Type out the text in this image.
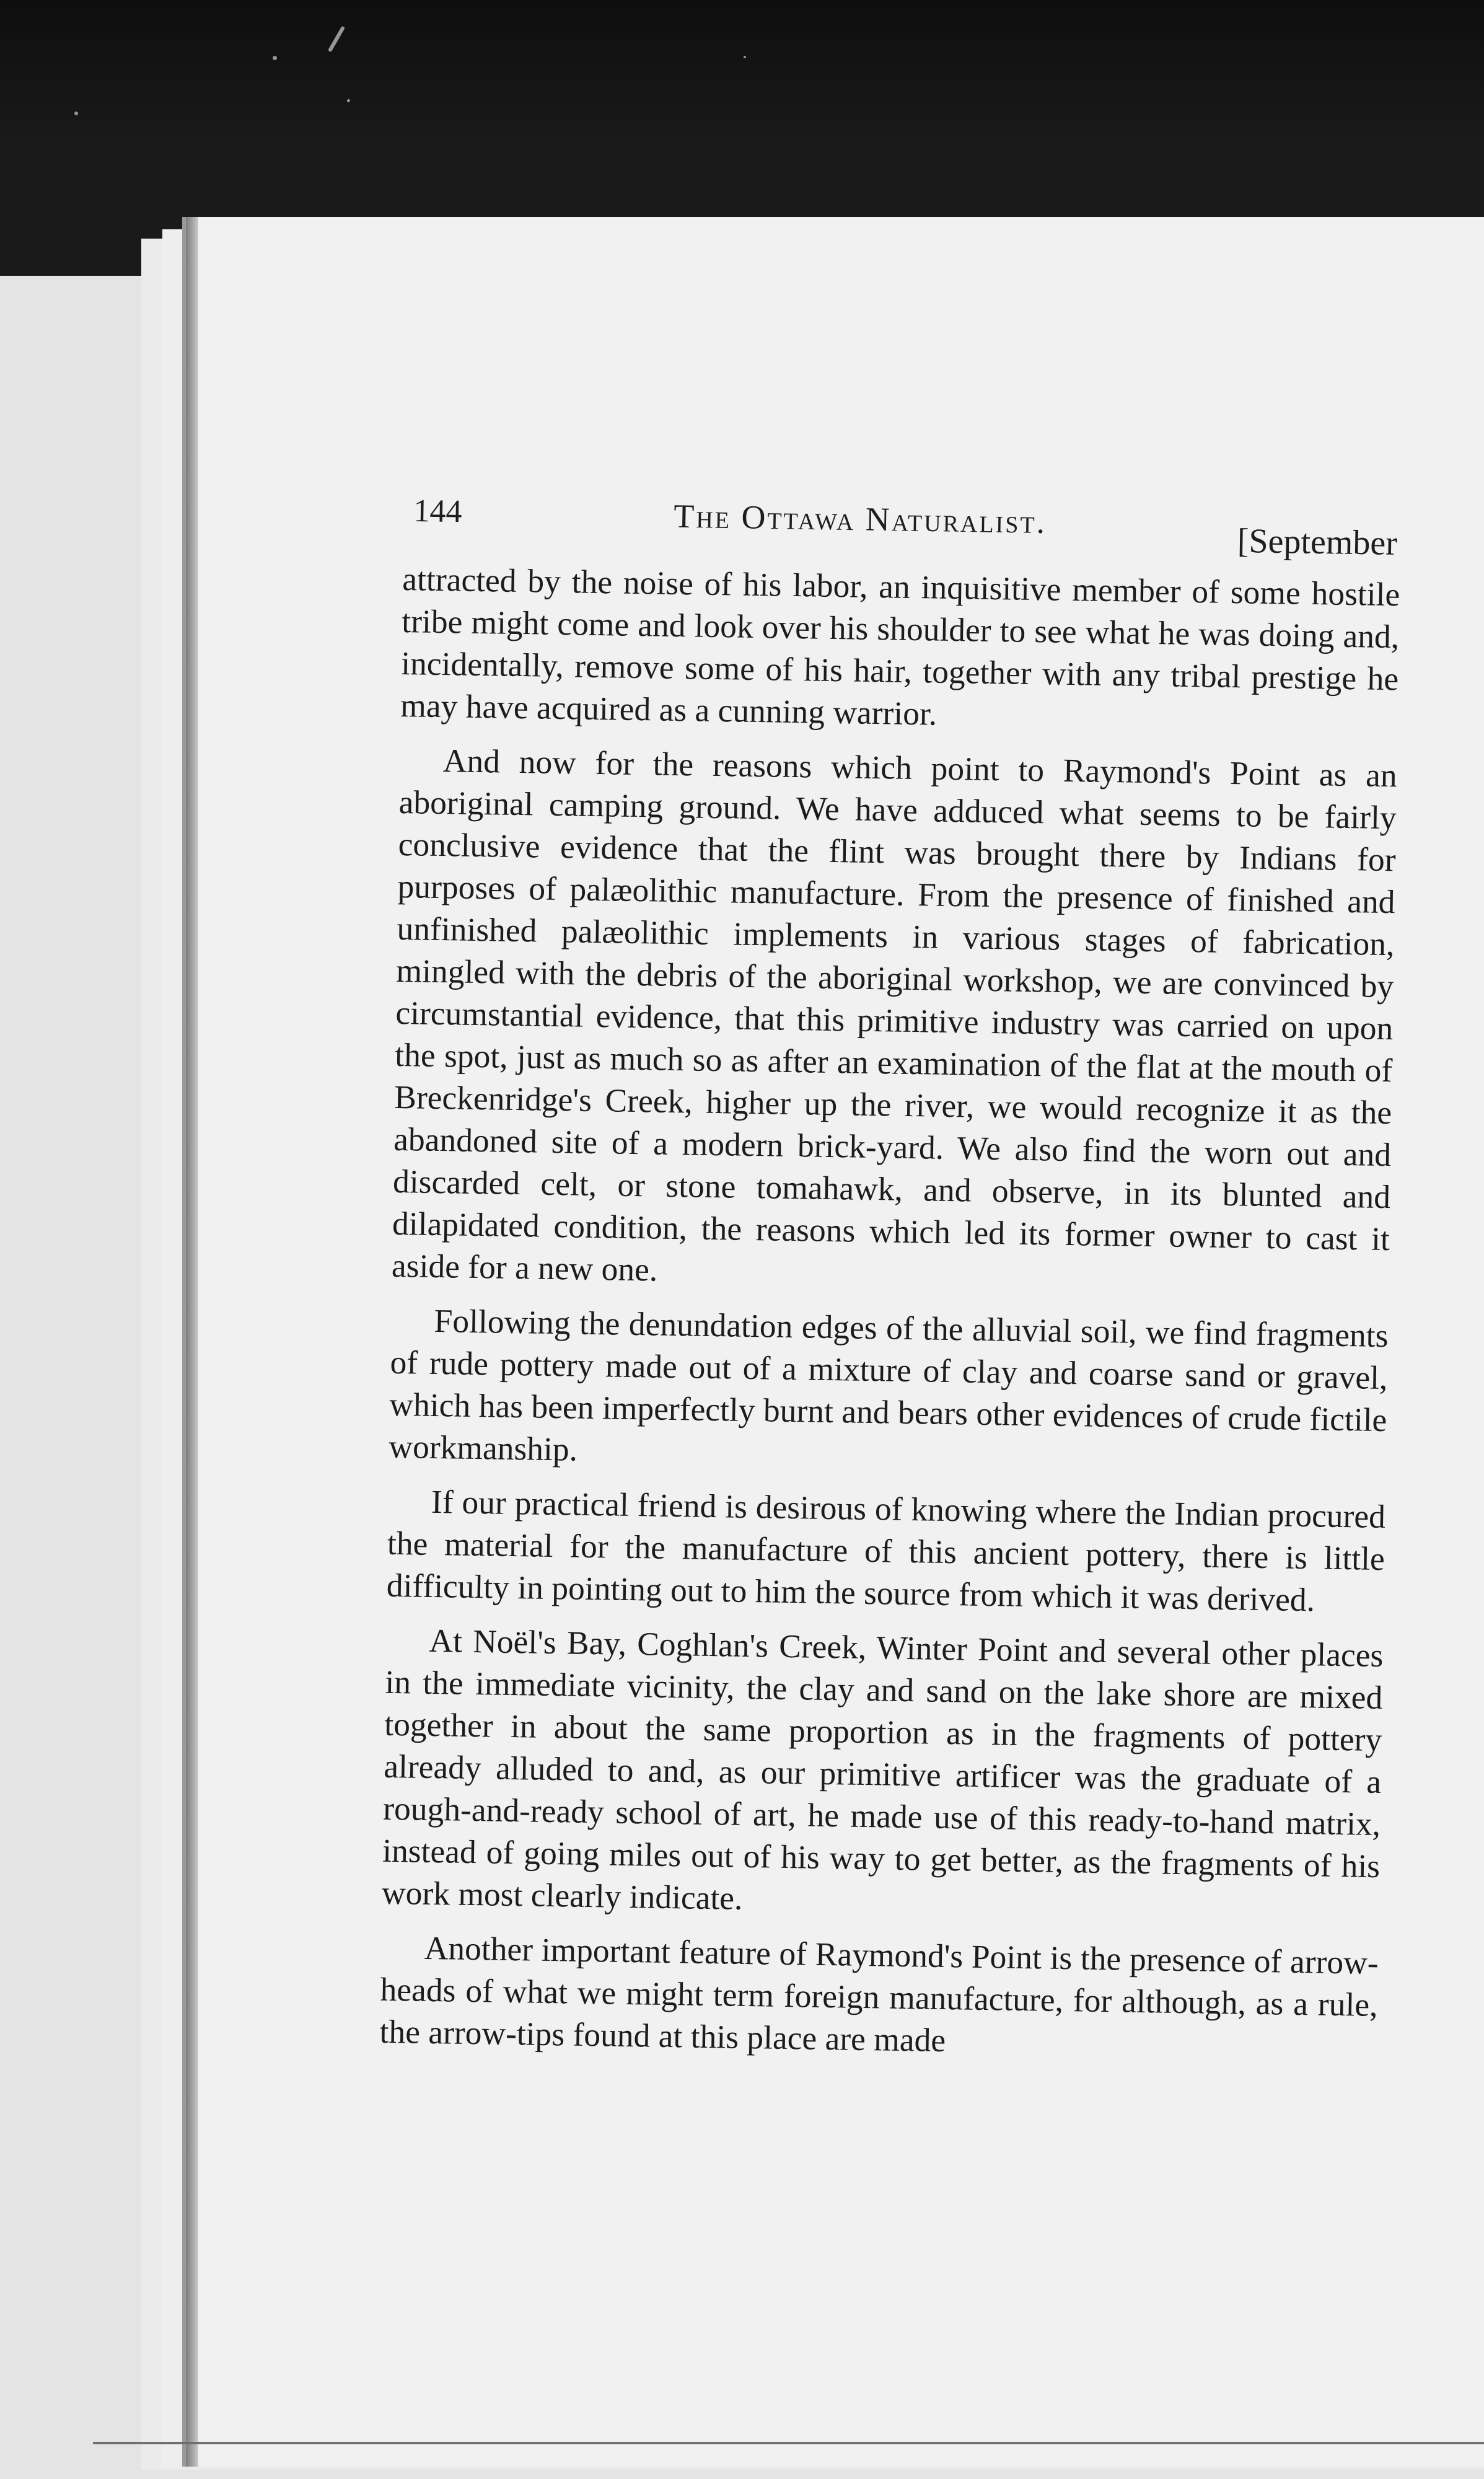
144	The Ottawa Naturalist.
[September

attracted by the noise of his labor, an inquisitive member of some hostile tribe might come and look over his shoulder to see what he was doing and, incidentally, remove some of his hair, together with any tribal prestige he may have acquired as a cunning warrior.

And now for the reasons which point to Raymond's Point as an aboriginal camping ground. We have adduced what seems to be fairly conclusive evidence that the flint was brought there by Indians for purposes of palæolithic manufacture. From the presence of finished and unfinished palæolithic implements in various stages of fabrication, mingled with the debris of the aboriginal workshop, we are convinced by circumstantial evidence, that this primitive industry was carried on upon the spot, just as much so as after an examination of the flat at the mouth of Breckenridge's Creek, higher up the river, we would recognize it as the abandoned site of a modern brick-yard. We also find the worn out and discarded celt, or stone tomahawk, and observe, in its blunted and dilapidated condition, the reasons which led its former owner to cast it aside for a new one.

Following the denundation edges of the alluvial soil, we find fragments of rude pottery made out of a mixture of clay and coarse sand or gravel, which has been imperfectly burnt and bears other evidences of crude fictile workmanship.

If our practical friend is desirous of knowing where the Indian procured the material for the manufacture of this ancient pottery, there is little difficulty in pointing out to him the source from which it was derived.

At Noël's Bay, Coghlan's Creek, Winter Point and several other places in the immediate vicinity, the clay and sand on the lake shore are mixed together in about the same proportion as in the fragments of pottery already alluded to and, as our primitive artificer was the graduate of a rough-and-ready school of art, he made use of this ready-to-hand matrix, instead of going miles out of his way to get better, as the fragments of his work most clearly indicate.

Another important feature of Raymond's Point is the presence of arrow-heads of what we might term foreign manufacture, for although, as a rule, the arrow-tips found at this place are made
